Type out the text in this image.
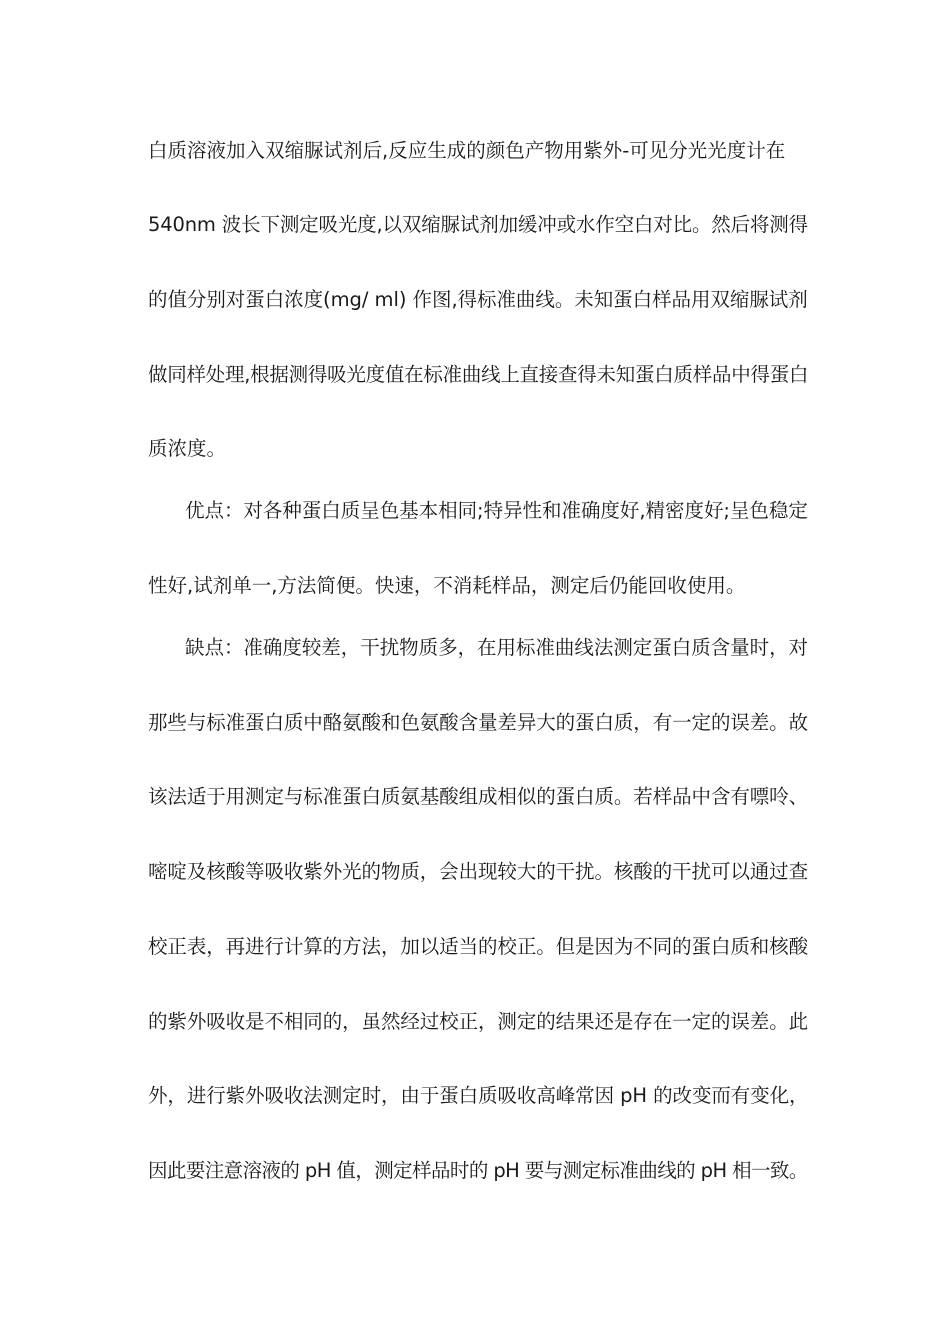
白质溶液加入双缩脲试剂后,反应生成的颜色产物用紫外-可见分光光度计在
540nm 波长下测定吸光度,以双缩脲试剂加缓冲或水作空白对比。然后将测得
的值分别对蛋白浓度(mg/ ml) 作图,得标准曲线。未知蛋白样品用双缩脲试剂
做同样处理,根据测得吸光度值在标准曲线上直接查得未知蛋白质样品中得蛋白
质浓度。
优点：对各种蛋白质呈色基本相同;特异性和准确度好,精密度好;呈色稳定
性好,试剂单一,方法简便。快速，不消耗样品，测定后仍能回收使用。
缺点：准确度较差，干扰物质多，在用标准曲线法测定蛋白质含量时，对
那些与标准蛋白质中酪氨酸和色氨酸含量差异大的蛋白质，有一定的误差。故
该法适于用测定与标准蛋白质氨基酸组成相似的蛋白质。若样品中含有嘌呤、
嘧啶及核酸等吸收紫外光的物质，会出现较大的干扰。核酸的干扰可以通过查
校正表，再进行计算的方法，加以适当的校正。但是因为不同的蛋白质和核酸
的紫外吸收是不相同的，虽然经过校正，测定的结果还是存在一定的误差。此
外，进行紫外吸收法测定时，由于蛋白质吸收高峰常因 pH 的改变而有变化，
因此要注意溶液的 pH 值，测定样品时的 pH 要与测定标准曲线的 pH 相一致。
